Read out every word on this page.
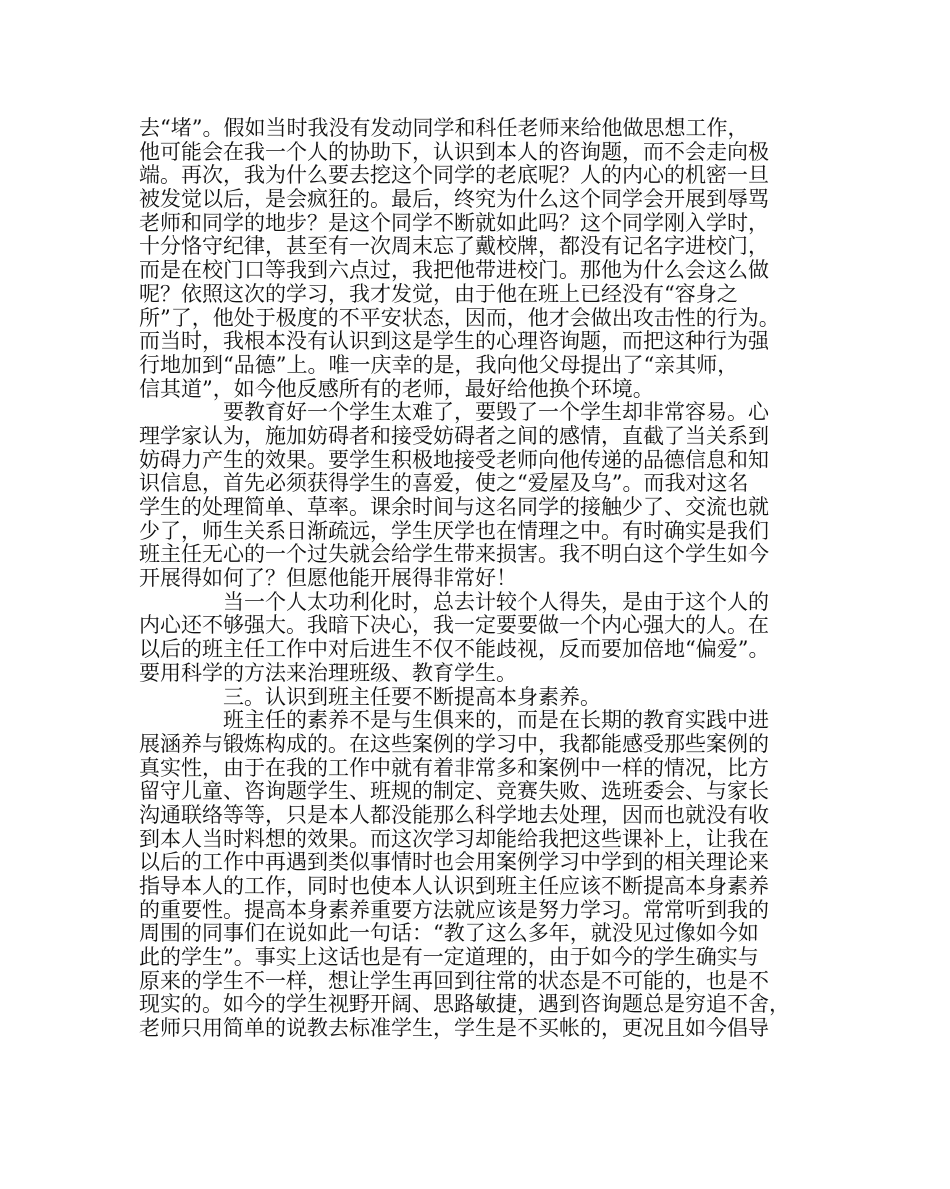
去“堵”。假如当时我没有发动同学和科任老师来给他做思想工作，
他可能会在我一个人的协助下，认识到本人的咨询题，而不会走向极
端。再次，我为什么要去挖这个同学的老底呢？人的内心的机密一旦
被发觉以后，是会疯狂的。最后，终究为什么这个同学会开展到辱骂
老师和同学的地步？是这个同学不断就如此吗？这个同学刚入学时，
十分恪守纪律，甚至有一次周末忘了戴校牌，都没有记名字进校门，
而是在校门口等我到六点过，我把他带进校门。那他为什么会这么做
呢？依照这次的学习，我才发觉，由于他在班上已经没有“容身之
所”了，他处于极度的不平安状态，因而，他才会做出攻击性的行为。
而当时，我根本没有认识到这是学生的心理咨询题，而把这种行为强
行地加到“品德”上。唯一庆幸的是，我向他父母提出了“亲其师，
信其道”，如今他反感所有的老师，最好给他换个环境。
要教育好一个学生太难了，要毁了一个学生却非常容易。心
理学家认为，施加妨碍者和接受妨碍者之间的感情，直截了当关系到
妨碍力产生的效果。要学生积极地接受老师向他传递的品德信息和知
识信息，首先必须获得学生的喜爱，使之“爱屋及乌”。而我对这名
学生的处理简单、草率。课余时间与这名同学的接触少了、交流也就
少了，师生关系日渐疏远，学生厌学也在情理之中。有时确实是我们
班主任无心的一个过失就会给学生带来损害。我不明白这个学生如今
开展得如何了？但愿他能开展得非常好！
当一个人太功利化时，总去计较个人得失，是由于这个人的
内心还不够强大。我暗下决心，我一定要要做一个内心强大的人。在
以后的班主任工作中对后进生不仅不能歧视，反而要加倍地“偏爱”。
要用科学的方法来治理班级、教育学生。
三。认识到班主任要不断提高本身素养。
班主任的素养不是与生俱来的，而是在长期的教育实践中进
展涵养与锻炼构成的。在这些案例的学习中，我都能感受那些案例的
真实性，由于在我的工作中就有着非常多和案例中一样的情况，比方
留守儿童、咨询题学生、班规的制定、竞赛失败、选班委会、与家长
沟通联络等等，只是本人都没能那么科学地去处理，因而也就没有收
到本人当时料想的效果。而这次学习却能给我把这些课补上，让我在
以后的工作中再遇到类似事情时也会用案例学习中学到的相关理论来
指导本人的工作，同时也使本人认识到班主任应该不断提高本身素养
的重要性。提高本身素养重要方法就应该是努力学习。常常听到我的
周围的同事们在说如此一句话：“教了这么多年，就没见过像如今如
此的学生”。事实上这话也是有一定道理的，由于如今的学生确实与
原来的学生不一样，想让学生再回到往常的状态是不可能的，也是不
现实的。如今的学生视野开阔、思路敏捷，遇到咨询题总是穷追不舍，
老师只用简单的说教去标准学生，学生是不买帐的，更况且如今倡导
